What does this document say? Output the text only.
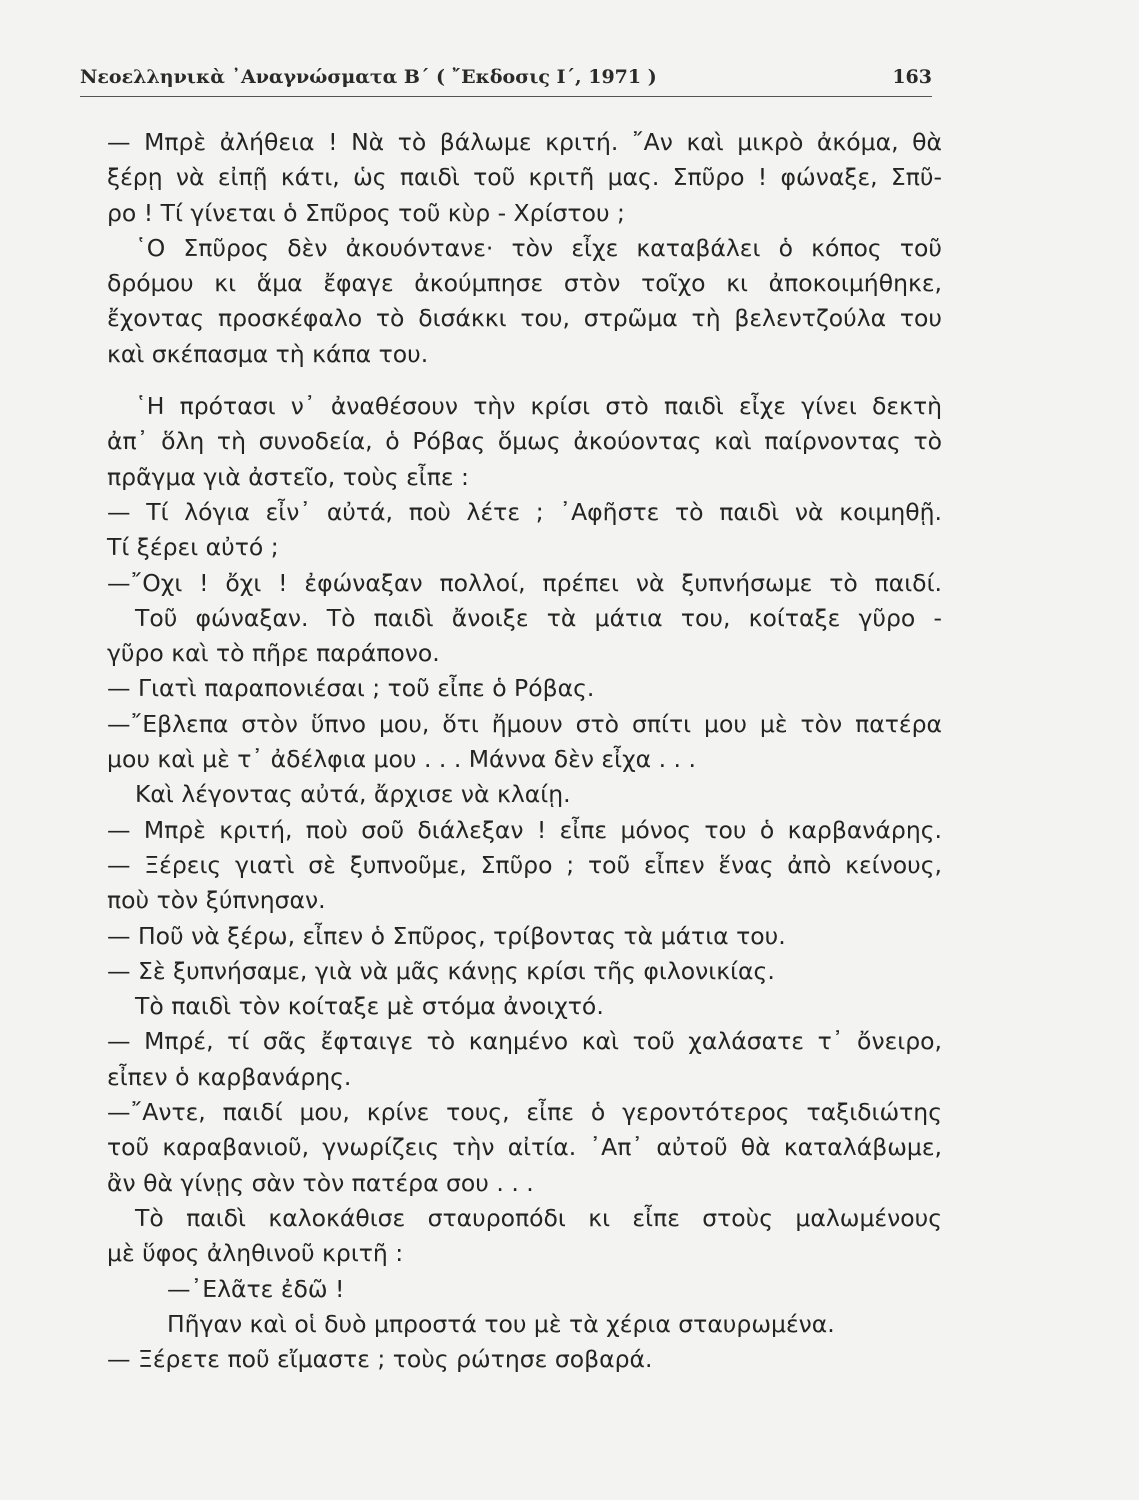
Νεοελληνικὰ ᾿Αναγνώσματα Β΄ ( ῎Εκδοσις Ι΄, 1971 )	163
— Μπρὲ ἀλήθεια ! Νὰ τὸ βάλωμε κριτή. ῎Αν καὶ μικρὸ ἀκόμα, θὰ
ξέρῃ νὰ εἰπῇ κάτι, ὡς παιδὶ τοῦ κριτῆ μας. Σπῦρο ! φώναξε, Σπῦ-
ρο ! Τί γίνεται ὁ Σπῦρος τοῦ κὺρ - Χρίστου ;
῾Ο Σπῦρος δὲν ἀκουόντανε· τὸν εἶχε καταβάλει ὁ κόπος τοῦ
δρόμου κι ἅμα ἔφαγε ἀκούμπησε στὸν τοῖχο κι ἀποκοιμήθηκε,
ἔχοντας προσκέφαλο τὸ δισάκκι του, στρῶμα τὴ βελεντζούλα του
καὶ σκέπασμα τὴ κάπα του.
῾Η πρότασι ν᾿ ἀναθέσουν τὴν κρίσι στὸ παιδὶ εἶχε γίνει δεκτὴ
ἀπ᾿ ὅλη τὴ συνοδεία, ὁ Ρόβας ὅμως ἀκούοντας καὶ παίρνοντας τὸ
πρᾶγμα γιὰ ἀστεῖο, τοὺς εἶπε :
— Τί λόγια εἶν᾿ αὐτά, ποὺ λέτε ; ᾿Αφῆστε τὸ παιδὶ νὰ κοιμηθῇ.
Τί ξέρει αὐτό ;
—῎Οχι ! ὄχι ! ἐφώναξαν πολλοί, πρέπει νὰ ξυπνήσωμε τὸ παιδί.
Τοῦ φώναξαν. Τὸ παιδὶ ἄνοιξε τὰ μάτια του, κοίταξε γῦρο -
γῦρο καὶ τὸ πῆρε παράπονο.
— Γιατὶ παραπονιέσαι ; τοῦ εἶπε ὁ Ρόβας.
—῎Εβλεπα στὸν ὕπνο μου, ὅτι ἤμουν στὸ σπίτι μου μὲ τὸν πατέρα
μου καὶ μὲ τ᾿ ἀδέλφια μου . . . Μάννα δὲν εἶχα . . .
Καὶ λέγοντας αὐτά, ἄρχισε νὰ κλαίῃ.
— Μπρὲ κριτή, ποὺ σοῦ διάλεξαν ! εἶπε μόνος του ὁ καρβανάρης.
— Ξέρεις γιατὶ σὲ ξυπνοῦμε, Σπῦρο ; τοῦ εἶπεν ἕνας ἀπὸ κείνους,
ποὺ τὸν ξύπνησαν.
— Ποῦ νὰ ξέρω, εἶπεν ὁ Σπῦρος, τρίβοντας τὰ μάτια του.
— Σὲ ξυπνήσαμε, γιὰ νὰ μᾶς κάνῃς κρίσι τῆς φιλονικίας.
Τὸ παιδὶ τὸν κοίταξε μὲ στόμα ἀνοιχτό.
— Μπρέ, τί σᾶς ἔφταιγε τὸ καημένο καὶ τοῦ χαλάσατε τ᾿ ὄνειρο,
εἶπεν ὁ καρβανάρης.
—῎Αντε, παιδί μου, κρίνε τους, εἶπε ὁ γεροντότερος ταξιδιώτης
τοῦ καραβανιοῦ, γνωρίζεις τὴν αἰτία. ᾿Απ᾿ αὐτοῦ θὰ καταλάβωμε,
ἂν θὰ γίνῃς σὰν τὸν πατέρα σου . . .
Τὸ παιδὶ καλοκάθισε σταυροπόδι κι εἶπε στοὺς μαλωμένους
μὲ ὕφος ἀληθινοῦ κριτῆ :
—᾿Ελᾶτε ἐδῶ !
Πῆγαν καὶ οἱ δυὸ μπροστά του μὲ τὰ χέρια σταυρωμένα.
— Ξέρετε ποῦ εἴμαστε ; τοὺς ρώτησε σοβαρά.
